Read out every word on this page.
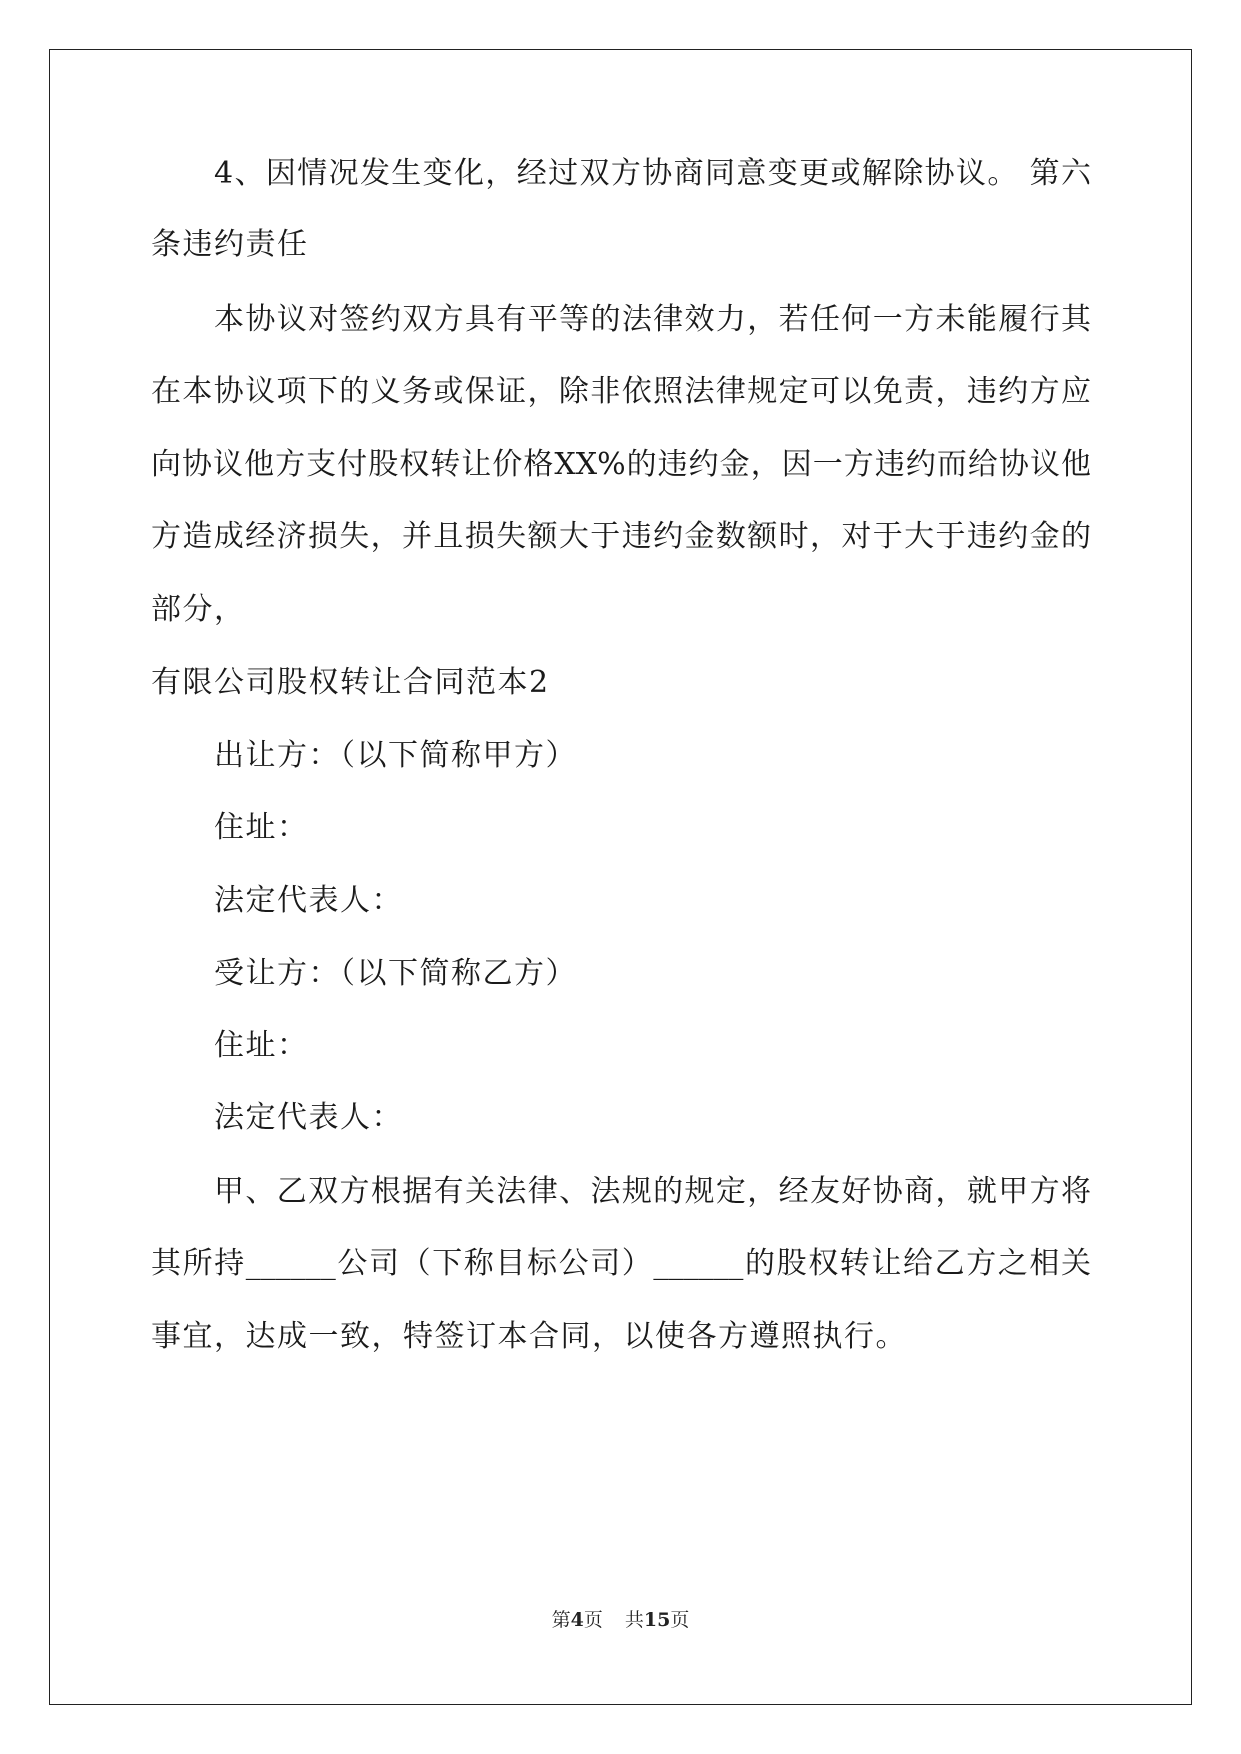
4、因情况发生变化，经过双方协商同意变更或解除协议。 第六
条违约责任
本协议对签约双方具有平等的法律效力，若任何一方未能履行其
在本协议项下的义务或保证，除非依照法律规定可以免责，违约方应
向协议他方支付股权转让价格XX%的违约金，因一方违约而给协议他
方造成经济损失，并且损失额大于违约金数额时，对于大于违约金的
部分，
有限公司股权转让合同范本2
出让方：（以下简称甲方）
住址：
法定代表人：
受让方：（以下简称乙方）
住址：
法定代表人：
甲、乙双方根据有关法律、法规的规定，经友好协商，就甲方将
其所持______公司（下称目标公司）______的股权转让给乙方之相关
事宜，达成一致，特签订本合同，以使各方遵照执行。
第4页 共15页
